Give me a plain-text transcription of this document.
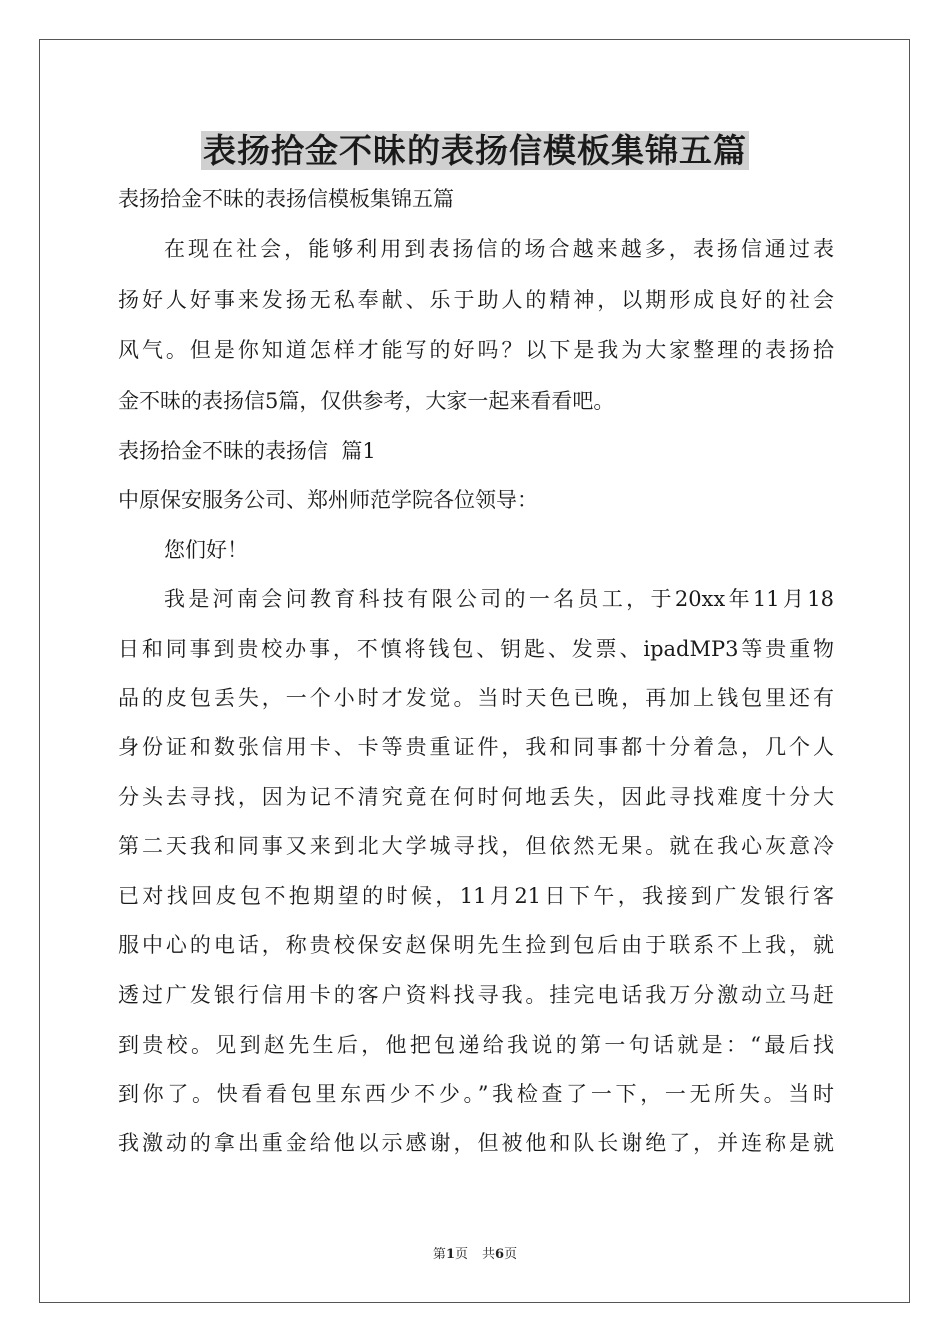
表扬拾金不昧的表扬信模板集锦五篇
表扬拾金不昧的表扬信模板集锦五篇
在现在社会，能够利用到表扬信的场合越来越多，表扬信通过表
扬好人好事来发扬无私奉献、乐于助人的精神，以期形成良好的社会
风气。但是你知道怎样才能写的好吗？以下是我为大家整理的表扬拾
金不昧的表扬信5篇，仅供参考，大家一起来看看吧。
表扬拾金不昧的表扬信  篇1
中原保安服务公司、郑州师范学院各位领导：
您们好！
我是河南会问教育科技有限公司的一名员工，于20xx年11月18
日和同事到贵校办事，不慎将钱包、钥匙、发票、ipadMP3等贵重物
品的皮包丢失，一个小时才发觉。当时天色已晚，再加上钱包里还有
身份证和数张信用卡、卡等贵重证件，我和同事都十分着急，几个人
分头去寻找，因为记不清究竟在何时何地丢失，因此寻找难度十分大
第二天我和同事又来到北大学城寻找，但依然无果。就在我心灰意冷
已对找回皮包不抱期望的时候，11月21日下午，我接到广发银行客
服中心的电话，称贵校保安赵保明先生捡到包后由于联系不上我，就
透过广发银行信用卡的客户资料找寻我。挂完电话我万分激动立马赶
到贵校。见到赵先生后，他把包递给我说的第一句话就是：“最后找
到你了。快看看包里东西少不少。”我检查了一下，一无所失。当时
我激动的拿出重金给他以示感谢，但被他和队长谢绝了，并连称是就
第1页 共6页
